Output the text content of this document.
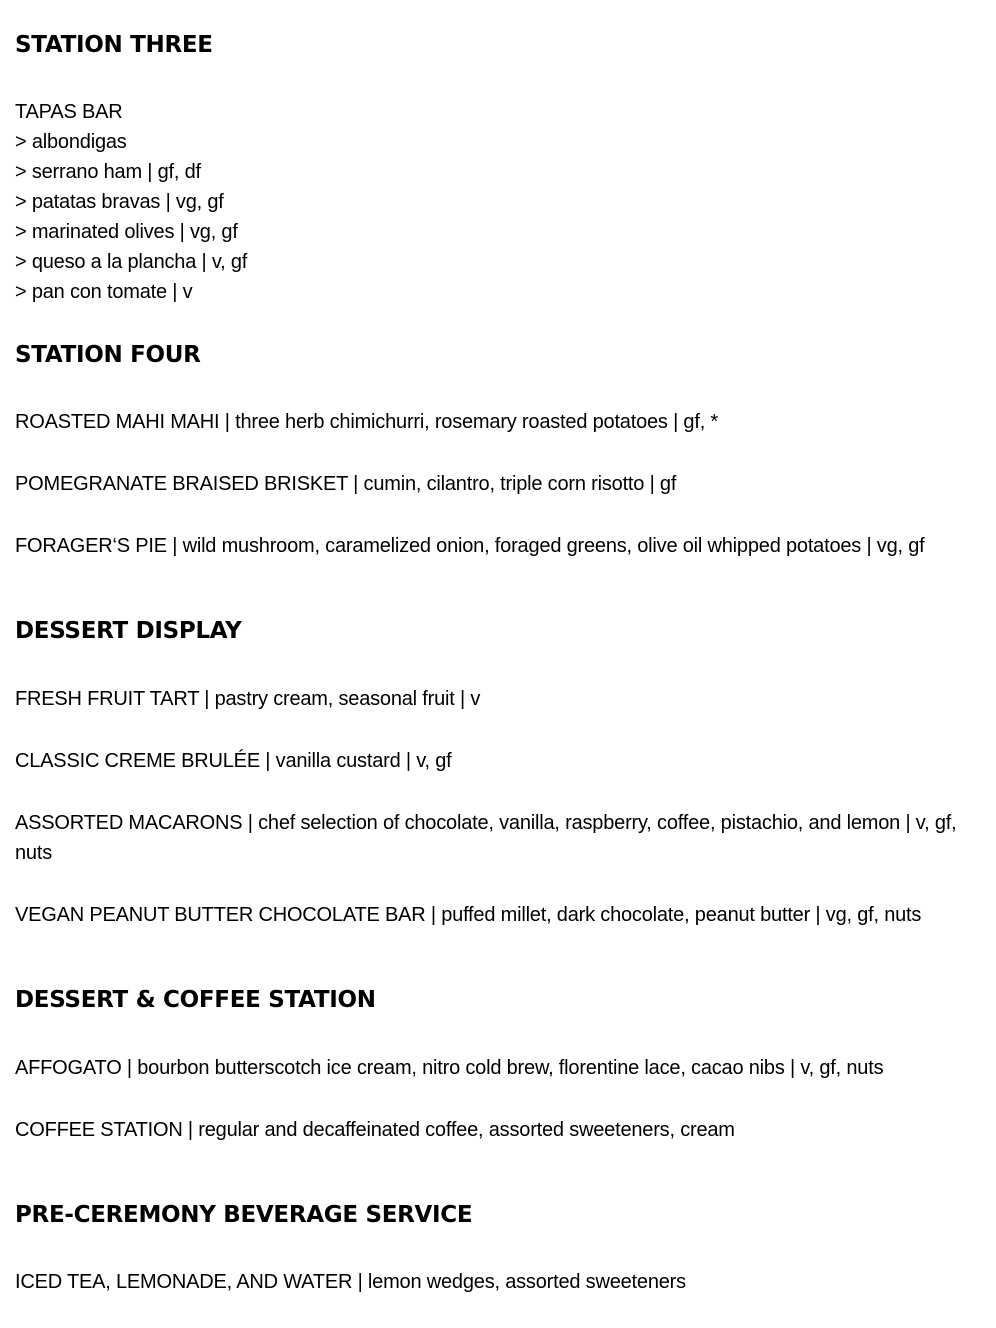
STATION THREE
TAPAS BAR
> albondigas
> serrano ham | gf, df
> patatas bravas | vg, gf
> marinated olives | vg, gf
> queso a la plancha | v, gf
> pan con tomate | v
STATION FOUR
ROASTED MAHI MAHI | three herb chimichurri, rosemary roasted potatoes | gf, *
POMEGRANATE BRAISED BRISKET | cumin, cilantro, triple corn risotto | gf
FORAGER‘S PIE | wild mushroom, caramelized onion, foraged greens, olive oil whipped potatoes | vg, gf
DESSERT DISPLAY
FRESH FRUIT TART | pastry cream, seasonal fruit | v
CLASSIC CREME BRULÉE | vanilla custard | v, gf
ASSORTED MACARONS | chef selection of chocolate, vanilla, raspberry, coffee, pistachio, and lemon | v, gf, nuts
VEGAN PEANUT BUTTER CHOCOLATE BAR | puffed millet, dark chocolate, peanut butter | vg, gf, nuts
DESSERT & COFFEE STATION
AFFOGATO | bourbon butterscotch ice cream, nitro cold brew, florentine lace, cacao nibs | v, gf, nuts
COFFEE STATION | regular and decaffeinated coffee, assorted sweeteners, cream
PRE-CEREMONY BEVERAGE SERVICE
ICED TEA, LEMONADE, AND WATER | lemon wedges, assorted sweeteners
